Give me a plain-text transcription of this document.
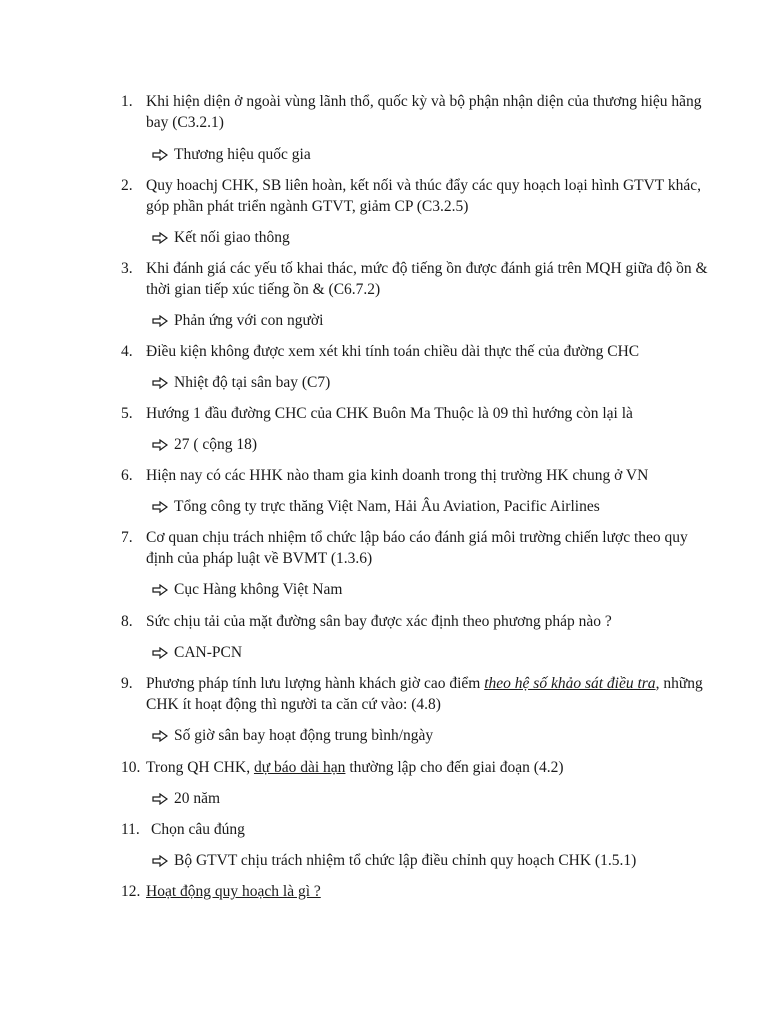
1. Khi hiện diện ở ngoài vùng lãnh thổ, quốc kỳ và bộ phận nhận diện của thương hiệu hãng bay (C3.2.1)
Thương hiệu quốc gia
2. Quy hoachj CHK, SB liên hoàn, kết nối và thúc đẩy các quy hoạch loại hình GTVT khác, góp phần phát triển ngành GTVT, giảm CP (C3.2.5)
Kết nối giao thông
3. Khi đánh giá các yếu tố khai thác, mức độ tiếng ồn được đánh giá trên MQH giữa độ ồn & thời gian tiếp xúc tiếng ồn & (C6.7.2)
Phản ứng với con người
4. Điều kiện không được xem xét khi tính toán chiều dài thực thế của đường CHC
Nhiệt độ tại sân bay (C7)
5. Hướng 1 đầu đường CHC của CHK Buôn Ma Thuộc là 09 thì hướng còn lại là
27 ( cộng 18)
6. Hiện nay có các HHK nào tham gia kinh doanh trong thị trường HK chung ở VN
Tổng công ty trực thăng Việt Nam, Hải Âu Aviation, Pacific Airlines
7. Cơ quan chịu trách nhiệm tổ chức lập báo cáo đánh giá môi trường chiến lược theo quy định của pháp luật về BVMT (1.3.6)
Cục Hàng không Việt Nam
8. Sức chịu tải của mặt đường sân bay được xác định theo phương pháp nào ?
CAN-PCN
9. Phương pháp tính lưu lượng hành khách giờ cao điểm theo hệ số khảo sát điều tra, những CHK ít hoạt động thì người ta căn cứ vào: (4.8)
Số giờ sân bay hoạt động trung bình/ngày
10. Trong QH CHK, dự báo dài hạn thường lập cho đến giai đoạn (4.2)
20 năm
11. Chọn câu đúng
Bộ GTVT chịu trách nhiệm tổ chức lập điều chỉnh quy hoạch CHK (1.5.1)
12. Hoạt động quy hoạch là gì ?
